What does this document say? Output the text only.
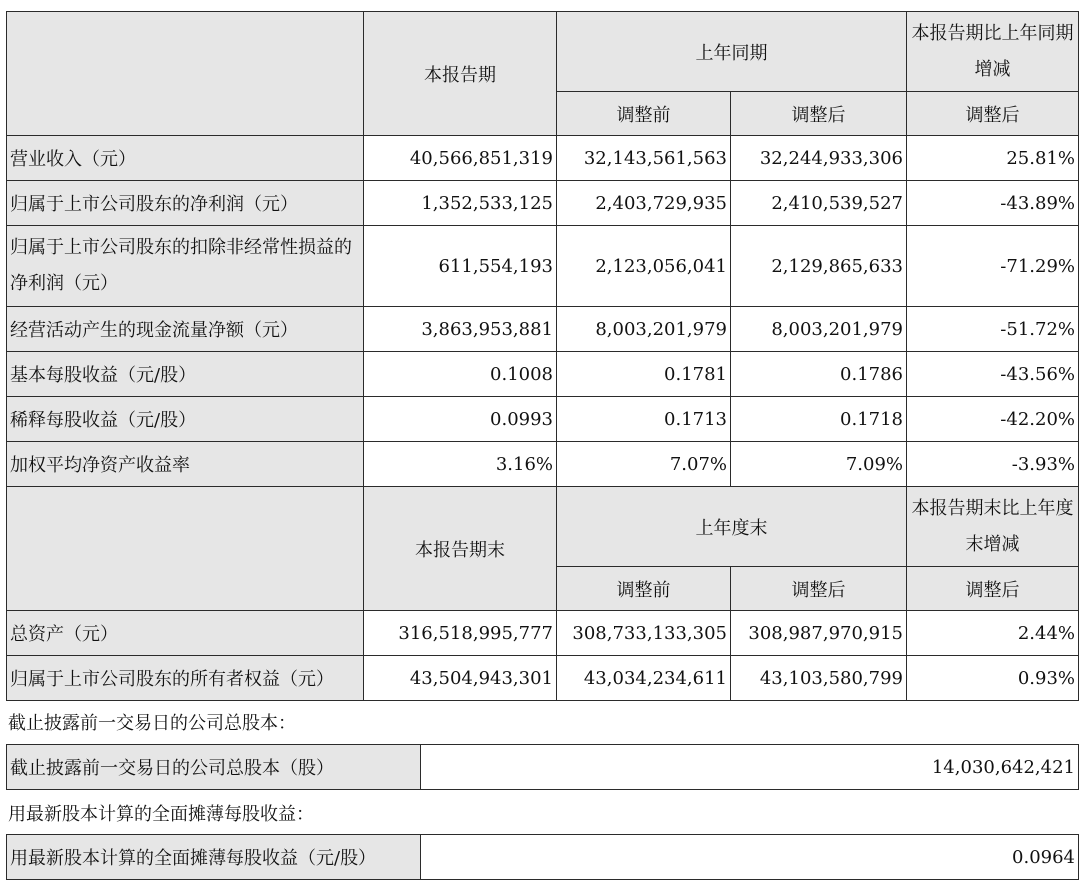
	本报告期	上年同期		本报告期比上年同期增减
		调整前	调整后	调整后
营业收入（元）	40,566,851,319	32,143,561,563	32,244,933,306	25.81%
归属于上市公司股东的净利润（元）	1,352,533,125	2,403,729,935	2,410,539,527	-43.89%
归属于上市公司股东的扣除非经常性损益的净利润（元）	611,554,193	2,123,056,041	2,129,865,633	-71.29%
经营活动产生的现金流量净额（元）	3,863,953,881	8,003,201,979	8,003,201,979	-51.72%
基本每股收益（元/股）	0.1008	0.1781	0.1786	-43.56%
稀释每股收益（元/股）	0.0993	0.1713	0.1718	-42.20%
加权平均净资产收益率	3.16%	7.07%	7.09%	-3.93%
	本报告期末	上年度末		本报告期末比上年度末增减
		调整前	调整后	调整后
总资产（元）	316,518,995,777	308,733,133,305	308,987,970,915	2.44%
归属于上市公司股东的所有者权益（元）	43,504,943,301	43,034,234,611	43,103,580,799	0.93%
截止披露前一交易日的公司总股本：
截止披露前一交易日的公司总股本（股）	14,030,642,421
用最新股本计算的全面摊薄每股收益：
用最新股本计算的全面摊薄每股收益（元/股）	0.0964
